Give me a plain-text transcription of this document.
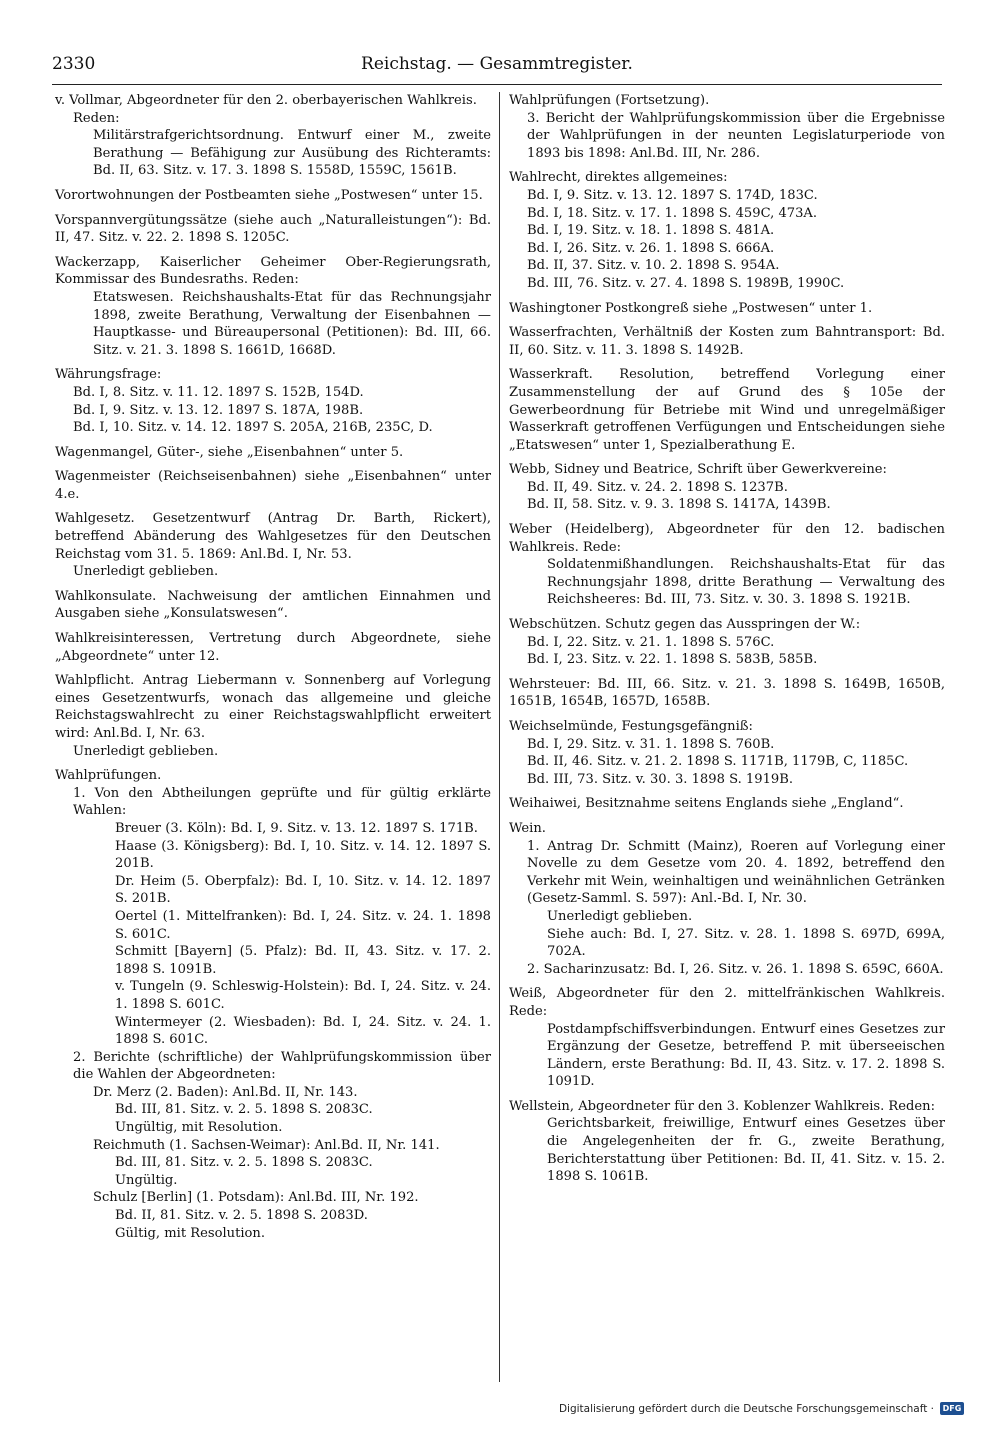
2330	Reichstag. — Gesammtregister.

v. Vollmar, Abgeordneter für den 2. oberbayerischen Wahlkreis.

Reden:

Militärstrafgerichtsordnung. Entwurf einer M., zweite Berathung — Befähigung zur Ausübung des Richteramts: Bd. II, 63. Sitz. v. 17. 3. 1898 S. 1558D, 1559C, 1561B.

Vorortwohnungen der Postbeamten siehe „Postwesen“ unter 15.

Vorspannvergütungssätze (siehe auch „Naturalleistungen“): Bd. II, 47. Sitz. v. 22. 2. 1898 S. 1205C.

Wackerzapp, Kaiserlicher Geheimer Ober-Regierungsrath, Kommissar des Bundesraths. Reden:

Etatswesen. Reichshaushalts-Etat für das Rechnungsjahr 1898, zweite Berathung, Verwaltung der Eisenbahnen — Hauptkasse- und Büreaupersonal (Petitionen): Bd. III, 66. Sitz. v. 21. 3. 1898 S. 1661D, 1668D.

Währungsfrage:

Bd. I, 8. Sitz. v. 11. 12. 1897 S. 152B, 154D.

Bd. I, 9. Sitz. v. 13. 12. 1897 S. 187A, 198B.

Bd. I, 10. Sitz. v. 14. 12. 1897 S. 205A, 216B, 235C, D.

Wagenmangel, Güter-, siehe „Eisenbahnen“ unter 5.

Wagenmeister (Reichseisenbahnen) siehe „Eisenbahnen“ unter 4.e.

Wahlgesetz. Gesetzentwurf (Antrag Dr. Barth, Rickert), betreffend Abänderung des Wahlgesetzes für den Deutschen Reichstag vom 31. 5. 1869: Anl.Bd. I, Nr. 53.

Unerledigt geblieben.

Wahlkonsulate. Nachweisung der amtlichen Einnahmen und Ausgaben siehe „Konsulatswesen“.

Wahlkreisinteressen, Vertretung durch Abgeordnete, siehe „Abgeordnete“ unter 12.

Wahlpflicht. Antrag Liebermann v. Sonnenberg auf Vorlegung eines Gesetzentwurfs, wonach das allgemeine und gleiche Reichstagswahlrecht zu einer Reichstagswahlpflicht erweitert wird: Anl.Bd. I, Nr. 63.

Unerledigt geblieben.

Wahlprüfungen.

1. Von den Abtheilungen geprüfte und für gültig erklärte Wahlen:

Breuer (3. Köln): Bd. I, 9. Sitz. v. 13. 12. 1897 S. 171B.

Haase (3. Königsberg): Bd. I, 10. Sitz. v. 14. 12. 1897 S. 201B.

Dr. Heim (5. Oberpfalz): Bd. I, 10. Sitz. v. 14. 12. 1897 S. 201B.

Oertel (1. Mittelfranken): Bd. I, 24. Sitz. v. 24. 1. 1898 S. 601C.

Schmitt [Bayern] (5. Pfalz): Bd. II, 43. Sitz. v. 17. 2. 1898 S. 1091B.

v. Tungeln (9. Schleswig-Holstein): Bd. I, 24. Sitz. v. 24. 1. 1898 S. 601C.

Wintermeyer (2. Wiesbaden): Bd. I, 24. Sitz. v. 24. 1. 1898 S. 601C.

2. Berichte (schriftliche) der Wahlprüfungskommission über die Wahlen der Abgeordneten:

Dr. Merz (2. Baden): Anl.Bd. II, Nr. 143.

Bd. III, 81. Sitz. v. 2. 5. 1898 S. 2083C.

Ungültig, mit Resolution.

Reichmuth (1. Sachsen-Weimar): Anl.Bd. II, Nr. 141.

Bd. III, 81. Sitz. v. 2. 5. 1898 S. 2083C.

Ungültig.

Schulz [Berlin] (1. Potsdam): Anl.Bd. III, Nr. 192.

Bd. II, 81. Sitz. v. 2. 5. 1898 S. 2083D.

Gültig, mit Resolution.

Wahlprüfungen (Fortsetzung).

3. Bericht der Wahlprüfungskommission über die Ergebnisse der Wahlprüfungen in der neunten Legislaturperiode von 1893 bis 1898: Anl.Bd. III, Nr. 286.

Wahlrecht, direktes allgemeines:

Bd. I, 9. Sitz. v. 13. 12. 1897 S. 174D, 183C.

Bd. I, 18. Sitz. v. 17. 1. 1898 S. 459C, 473A.

Bd. I, 19. Sitz. v. 18. 1. 1898 S. 481A.

Bd. I, 26. Sitz. v. 26. 1. 1898 S. 666A.

Bd. II, 37. Sitz. v. 10. 2. 1898 S. 954A.

Bd. III, 76. Sitz. v. 27. 4. 1898 S. 1989B, 1990C.

Washingtoner Postkongreß siehe „Postwesen“ unter 1.

Wasserfrachten, Verhältniß der Kosten zum Bahntransport: Bd. II, 60. Sitz. v. 11. 3. 1898 S. 1492B.

Wasserkraft. Resolution, betreffend Vorlegung einer Zusammenstellung der auf Grund des § 105e der Gewerbeordnung für Betriebe mit Wind und unregelmäßiger Wasserkraft getroffenen Verfügungen und Entscheidungen siehe „Etatswesen“ unter 1, Spezialberathung E.

Webb, Sidney und Beatrice, Schrift über Gewerkvereine:

Bd. II, 49. Sitz. v. 24. 2. 1898 S. 1237B.

Bd. II, 58. Sitz. v. 9. 3. 1898 S. 1417A, 1439B.

Weber (Heidelberg), Abgeordneter für den 12. badischen Wahlkreis. Rede:

Soldatenmißhandlungen. Reichshaushalts-Etat für das Rechnungsjahr 1898, dritte Berathung — Verwaltung des Reichsheeres: Bd. III, 73. Sitz. v. 30. 3. 1898 S. 1921B.

Webschützen. Schutz gegen das Ausspringen der W.:

Bd. I, 22. Sitz. v. 21. 1. 1898 S. 576C.

Bd. I, 23. Sitz. v. 22. 1. 1898 S. 583B, 585B.

Wehrsteuer: Bd. III, 66. Sitz. v. 21. 3. 1898 S. 1649B, 1650B, 1651B, 1654B, 1657D, 1658B.

Weichselmünde, Festungsgefängniß:

Bd. I, 29. Sitz. v. 31. 1. 1898 S. 760B.

Bd. II, 46. Sitz. v. 21. 2. 1898 S. 1171B, 1179B, C, 1185C.

Bd. III, 73. Sitz. v. 30. 3. 1898 S. 1919B.

Weihaiwei, Besitznahme seitens Englands siehe „England“.

Wein.

1. Antrag Dr. Schmitt (Mainz), Roeren auf Vorlegung einer Novelle zu dem Gesetze vom 20. 4. 1892, betreffend den Verkehr mit Wein, weinhaltigen und weinähnlichen Getränken (Gesetz-Samml. S. 597): Anl.-Bd. I, Nr. 30.

Unerledigt geblieben.

Siehe auch: Bd. I, 27. Sitz. v. 28. 1. 1898 S. 697D, 699A, 702A.

2. Sacharinzusatz: Bd. I, 26. Sitz. v. 26. 1. 1898 S. 659C, 660A.

Weiß, Abgeordneter für den 2. mittelfränkischen Wahlkreis. Rede:

Postdampfschiffsverbindungen. Entwurf eines Gesetzes zur Ergänzung der Gesetze, betreffend P. mit überseeischen Ländern, erste Berathung: Bd. II, 43. Sitz. v. 17. 2. 1898 S. 1091D.

Wellstein, Abgeordneter für den 3. Koblenzer Wahlkreis. Reden:

Gerichtsbarkeit, freiwillige, Entwurf eines Gesetzes über die Angelegenheiten der fr. G., zweite Berathung, Berichterstattung über Petitionen: Bd. II, 41. Sitz. v. 15. 2. 1898 S. 1061B.

Digitalisierung gefördert durch die Deutsche Forschungsgemeinschaft ·	DFG
